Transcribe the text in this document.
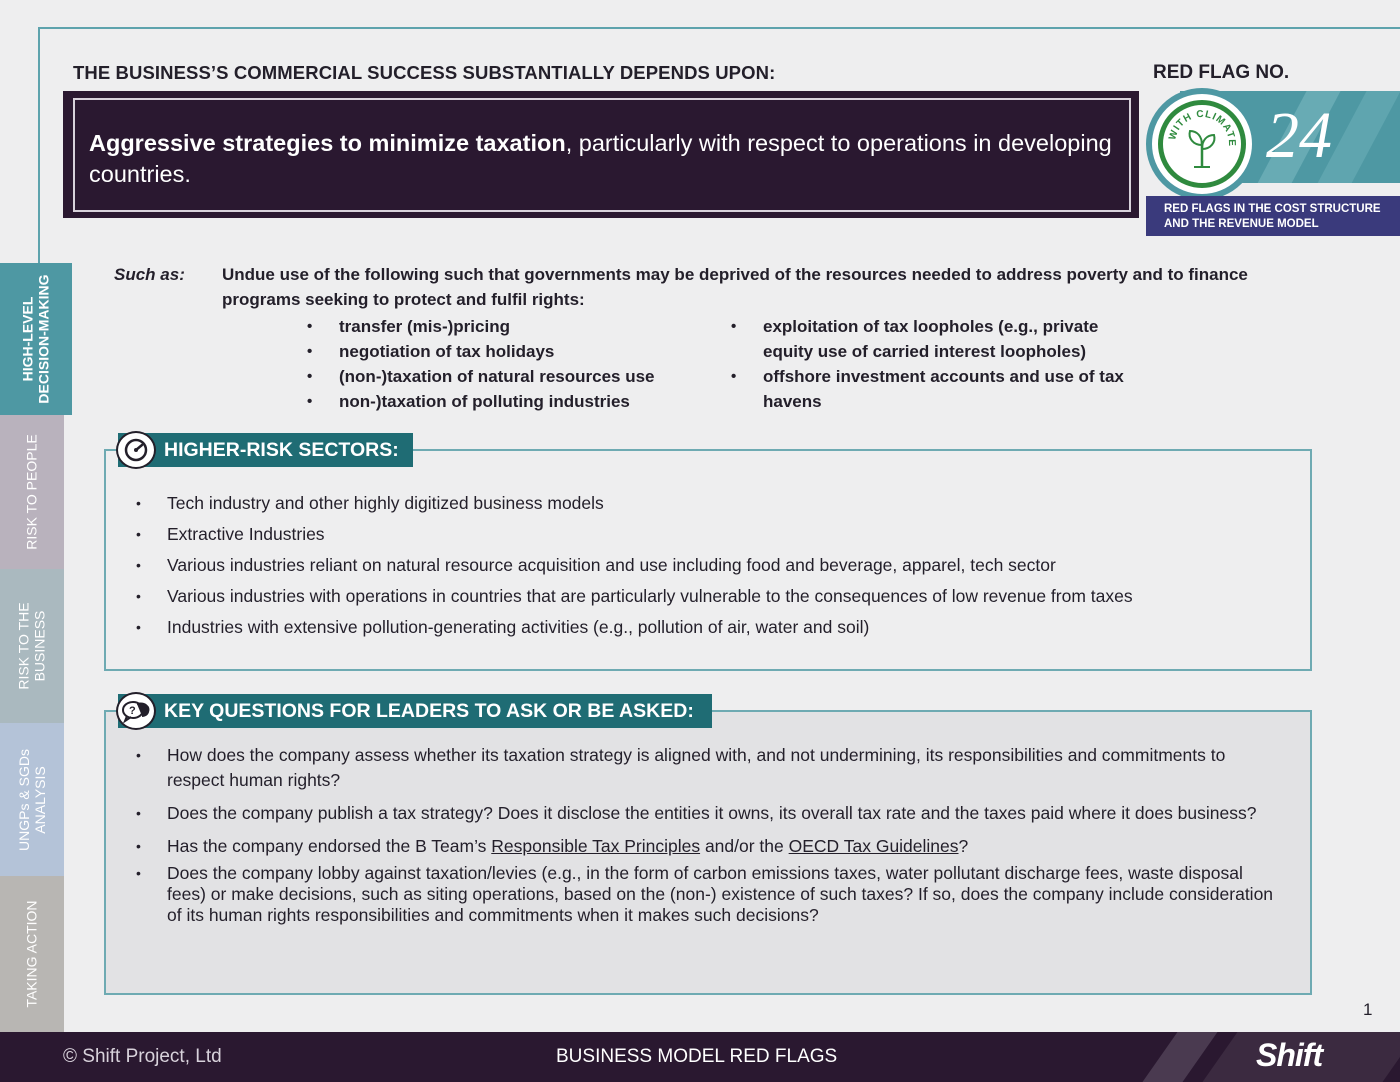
HIGH-LEVEL
DECISION-MAKING
RISK TO PEOPLE
RISK TO THE
BUSINESS
UNGPs & SGDs
ANALYSIS
TAKING ACTION
THE BUSINESS’S COMMERCIAL SUCCESS SUBSTANTIALLY DEPENDS UPON:
Aggressive strategies to minimize taxation, particularly with respect to operations in developing countries.
RED FLAG NO.
24
WITH CLIMATE
RED FLAGS IN THE COST STRUCTURE
AND THE REVENUE MODEL
Such as: Undue use of the following such that governments may be deprived of the resources needed to address poverty and to finance programs seeking to protect and fulfil rights:
• transfer (mis-)pricing
• negotiation of tax holidays
• (non-)taxation of natural resources use
• non-)taxation of polluting industries
• exploitation of tax loopholes (e.g., private equity use of carried interest loopholes)
• offshore investment accounts and use of tax havens
HIGHER-RISK SECTORS:
• Tech industry and other highly digitized business models
• Extractive Industries
• Various industries reliant on natural resource acquisition and use including food and beverage, apparel, tech sector
• Various industries with operations in countries that are particularly vulnerable to the consequences of low revenue from taxes
• Industries with extensive pollution-generating activities (e.g., pollution of air, water and soil)
? KEY QUESTIONS FOR LEADERS TO ASK OR BE ASKED:
• How does the company assess whether its taxation strategy is aligned with, and not undermining, its responsibilities and commitments to respect human rights?
• Does the company publish a tax strategy? Does it disclose the entities it owns, its overall tax rate and the taxes paid where it does business?
• Has the company endorsed the B Team’s Responsible Tax Principles and/or the OECD Tax Guidelines?
• Does the company lobby against taxation/levies (e.g., in the form of carbon emissions taxes, water pollutant discharge fees, waste disposal fees) or make decisions, such as siting operations, based on the (non-) existence of such taxes? If so, does the company include consideration of its human rights responsibilities and commitments when it makes such decisions?
1
© Shift Project, Ltd	BUSINESS MODEL RED FLAGS	Shift
